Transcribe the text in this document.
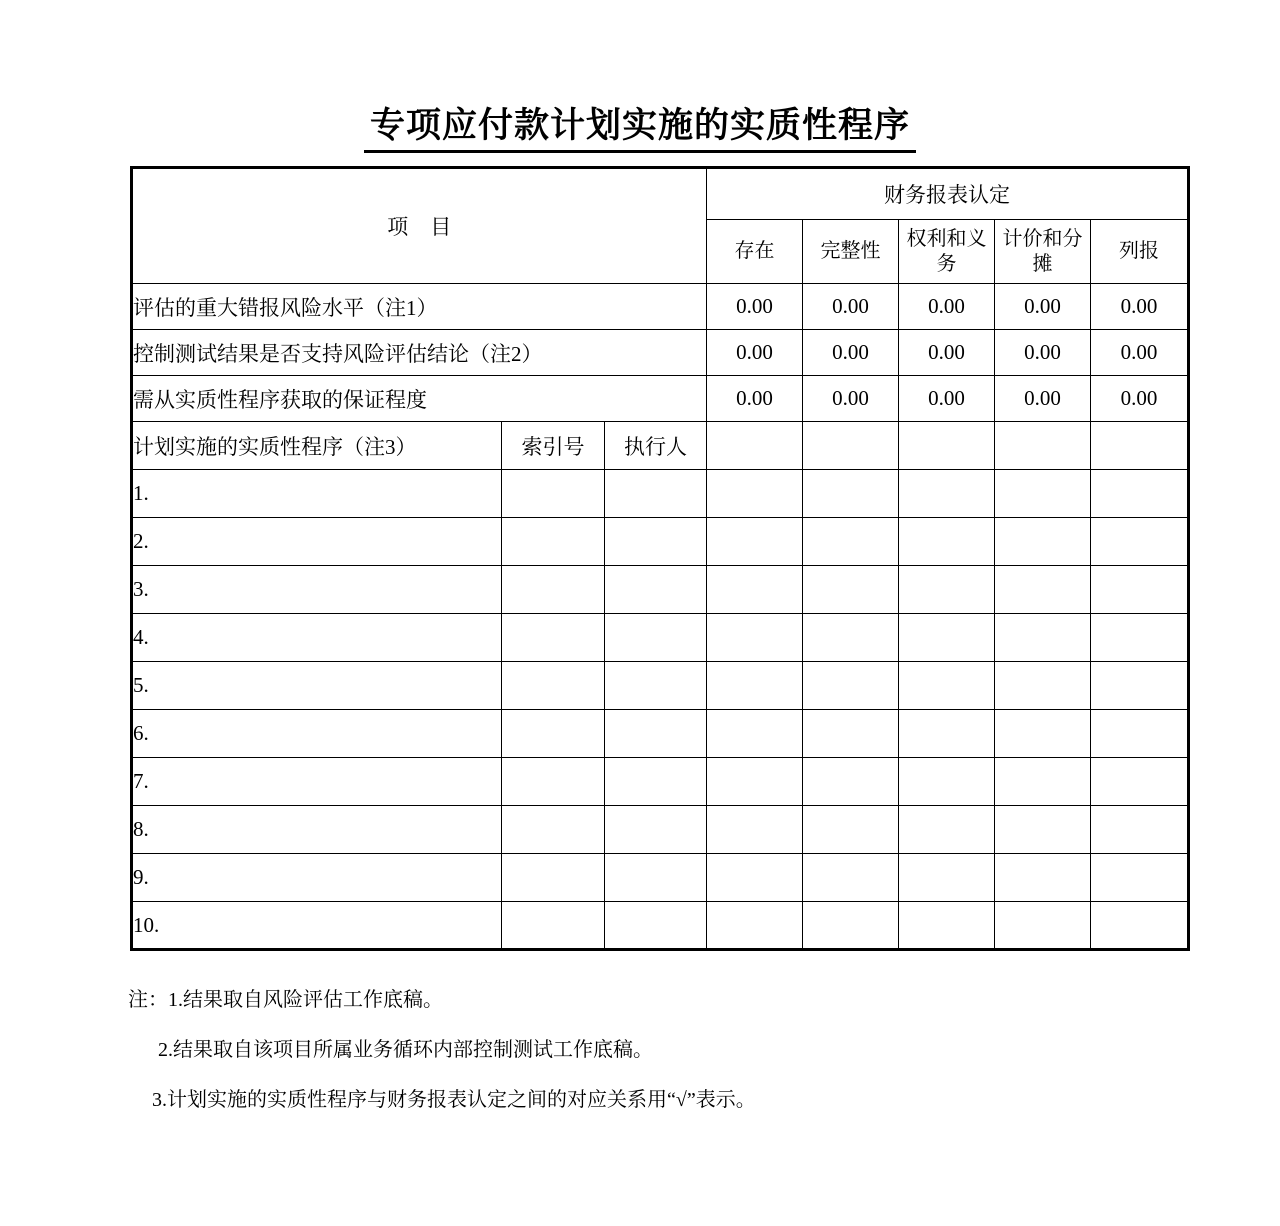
专项应付款计划实施的实质性程序
项　目			财务报表认定				
			存在	完整性	权利和义务	计价和分摊	列报
评估的重大错报风险水平（注1）			0.00	0.00	0.00	0.00	0.00
控制测试结果是否支持风险评估结论（注2）			0.00	0.00	0.00	0.00	0.00
需从实质性程序获取的保证程度			0.00	0.00	0.00	0.00	0.00
计划实施的实质性程序（注3）	索引号	执行人					
1.							
2.							
3.							
4.							
5.							
6.							
7.							
8.							
9.							
10.							
注：1.结果取自风险评估工作底稿。
2.结果取自该项目所属业务循环内部控制测试工作底稿。
3.计划实施的实质性程序与财务报表认定之间的对应关系用“√”表示。
